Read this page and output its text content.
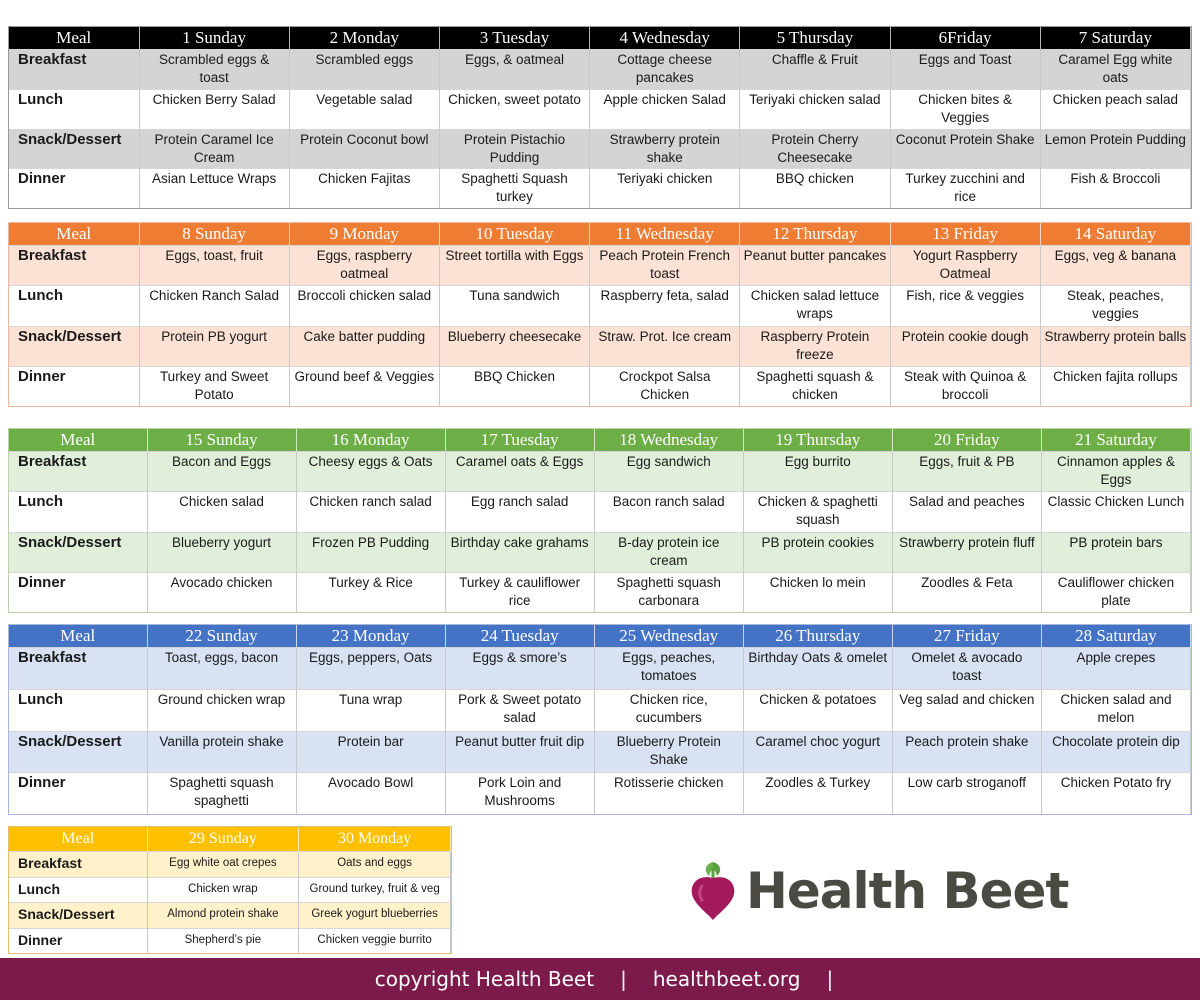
Meal	1 Sunday	2 Monday	3 Tuesday	4 Wednesday	5 Thursday	6Friday	7 Saturday
Breakfast	Scrambled eggs & toast	Scrambled eggs	Eggs, & oatmeal	Cottage cheese pancakes	Chaffle & Fruit	Eggs and Toast	Caramel Egg white oats
Lunch	Chicken Berry Salad	Vegetable salad	Chicken, sweet potato	Apple chicken Salad	Teriyaki chicken salad	Chicken bites & Veggies	Chicken peach salad
Snack/Dessert	Protein Caramel Ice Cream	Protein Coconut bowl	Protein Pistachio Pudding	Strawberry protein shake	Protein Cherry Cheesecake	Coconut Protein Shake	Lemon Protein Pudding
Dinner	Asian Lettuce Wraps	Chicken Fajitas	Spaghetti Squash turkey	Teriyaki chicken	BBQ chicken	Turkey zucchini and rice	Fish & Broccoli
Meal	8 Sunday	9 Monday	10 Tuesday	11 Wednesday	12 Thursday	13 Friday	14 Saturday
Breakfast	Eggs, toast, fruit	Eggs, raspberry oatmeal	Street tortilla with Eggs	Peach Protein French toast	Peanut butter pancakes	Yogurt Raspberry Oatmeal	Eggs, veg & banana
Lunch	Chicken Ranch Salad	Broccoli chicken salad	Tuna sandwich	Raspberry feta, salad	Chicken salad lettuce wraps	Fish, rice & veggies	Steak, peaches, veggies
Snack/Dessert	Protein PB yogurt	Cake batter pudding	Blueberry cheesecake	Straw. Prot. Ice cream	Raspberry Protein freeze	Protein cookie dough	Strawberry protein balls
Dinner	Turkey and Sweet Potato	Ground beef & Veggies	BBQ Chicken	Crockpot Salsa Chicken	Spaghetti squash & chicken	Steak with Quinoa & broccoli	Chicken fajita rollups
Meal	15 Sunday	16 Monday	17 Tuesday	18 Wednesday	19 Thursday	20 Friday	21 Saturday
Breakfast	Bacon and Eggs	Cheesy eggs & Oats	Caramel oats & Eggs	Egg sandwich	Egg burrito	Eggs, fruit & PB	Cinnamon apples & Eggs
Lunch	Chicken salad	Chicken ranch salad	Egg ranch salad	Bacon ranch salad	Chicken & spaghetti squash	Salad and peaches	Classic Chicken Lunch
Snack/Dessert	Blueberry yogurt	Frozen PB Pudding	Birthday cake grahams	B-day protein ice cream	PB protein cookies	Strawberry protein fluff	PB protein bars
Dinner	Avocado chicken	Turkey & Rice	Turkey & cauliflower rice	Spaghetti squash carbonara	Chicken lo mein	Zoodles & Feta	Cauliflower chicken plate
Meal	22 Sunday	23 Monday	24 Tuesday	25 Wednesday	26 Thursday	27 Friday	28 Saturday
Breakfast	Toast, eggs, bacon	Eggs, peppers, Oats	Eggs & smore’s	Eggs, peaches, tomatoes	Birthday Oats & omelet	Omelet & avocado toast	Apple crepes
Lunch	Ground chicken wrap	Tuna wrap	Pork & Sweet potato salad	Chicken rice, cucumbers	Chicken & potatoes	Veg salad and chicken	Chicken salad and melon
Snack/Dessert	Vanilla protein shake	Protein bar	Peanut butter fruit dip	Blueberry Protein Shake	Caramel choc yogurt	Peach protein shake	Chocolate protein dip
Dinner	Spaghetti squash spaghetti	Avocado Bowl	Pork Loin and Mushrooms	Rotisserie chicken	Zoodles & Turkey	Low carb stroganoff	Chicken Potato fry
Meal	29 Sunday	30 Monday
Breakfast	Egg white oat crepes	Oats and eggs
Lunch	Chicken wrap	Ground turkey, fruit & veg
Snack/Dessert	Almond protein shake	Greek yogurt blueberries
Dinner	Shepherd’s pie	Chicken veggie burrito
Health Beet
copyright Health Beet | healthbeet.org |
